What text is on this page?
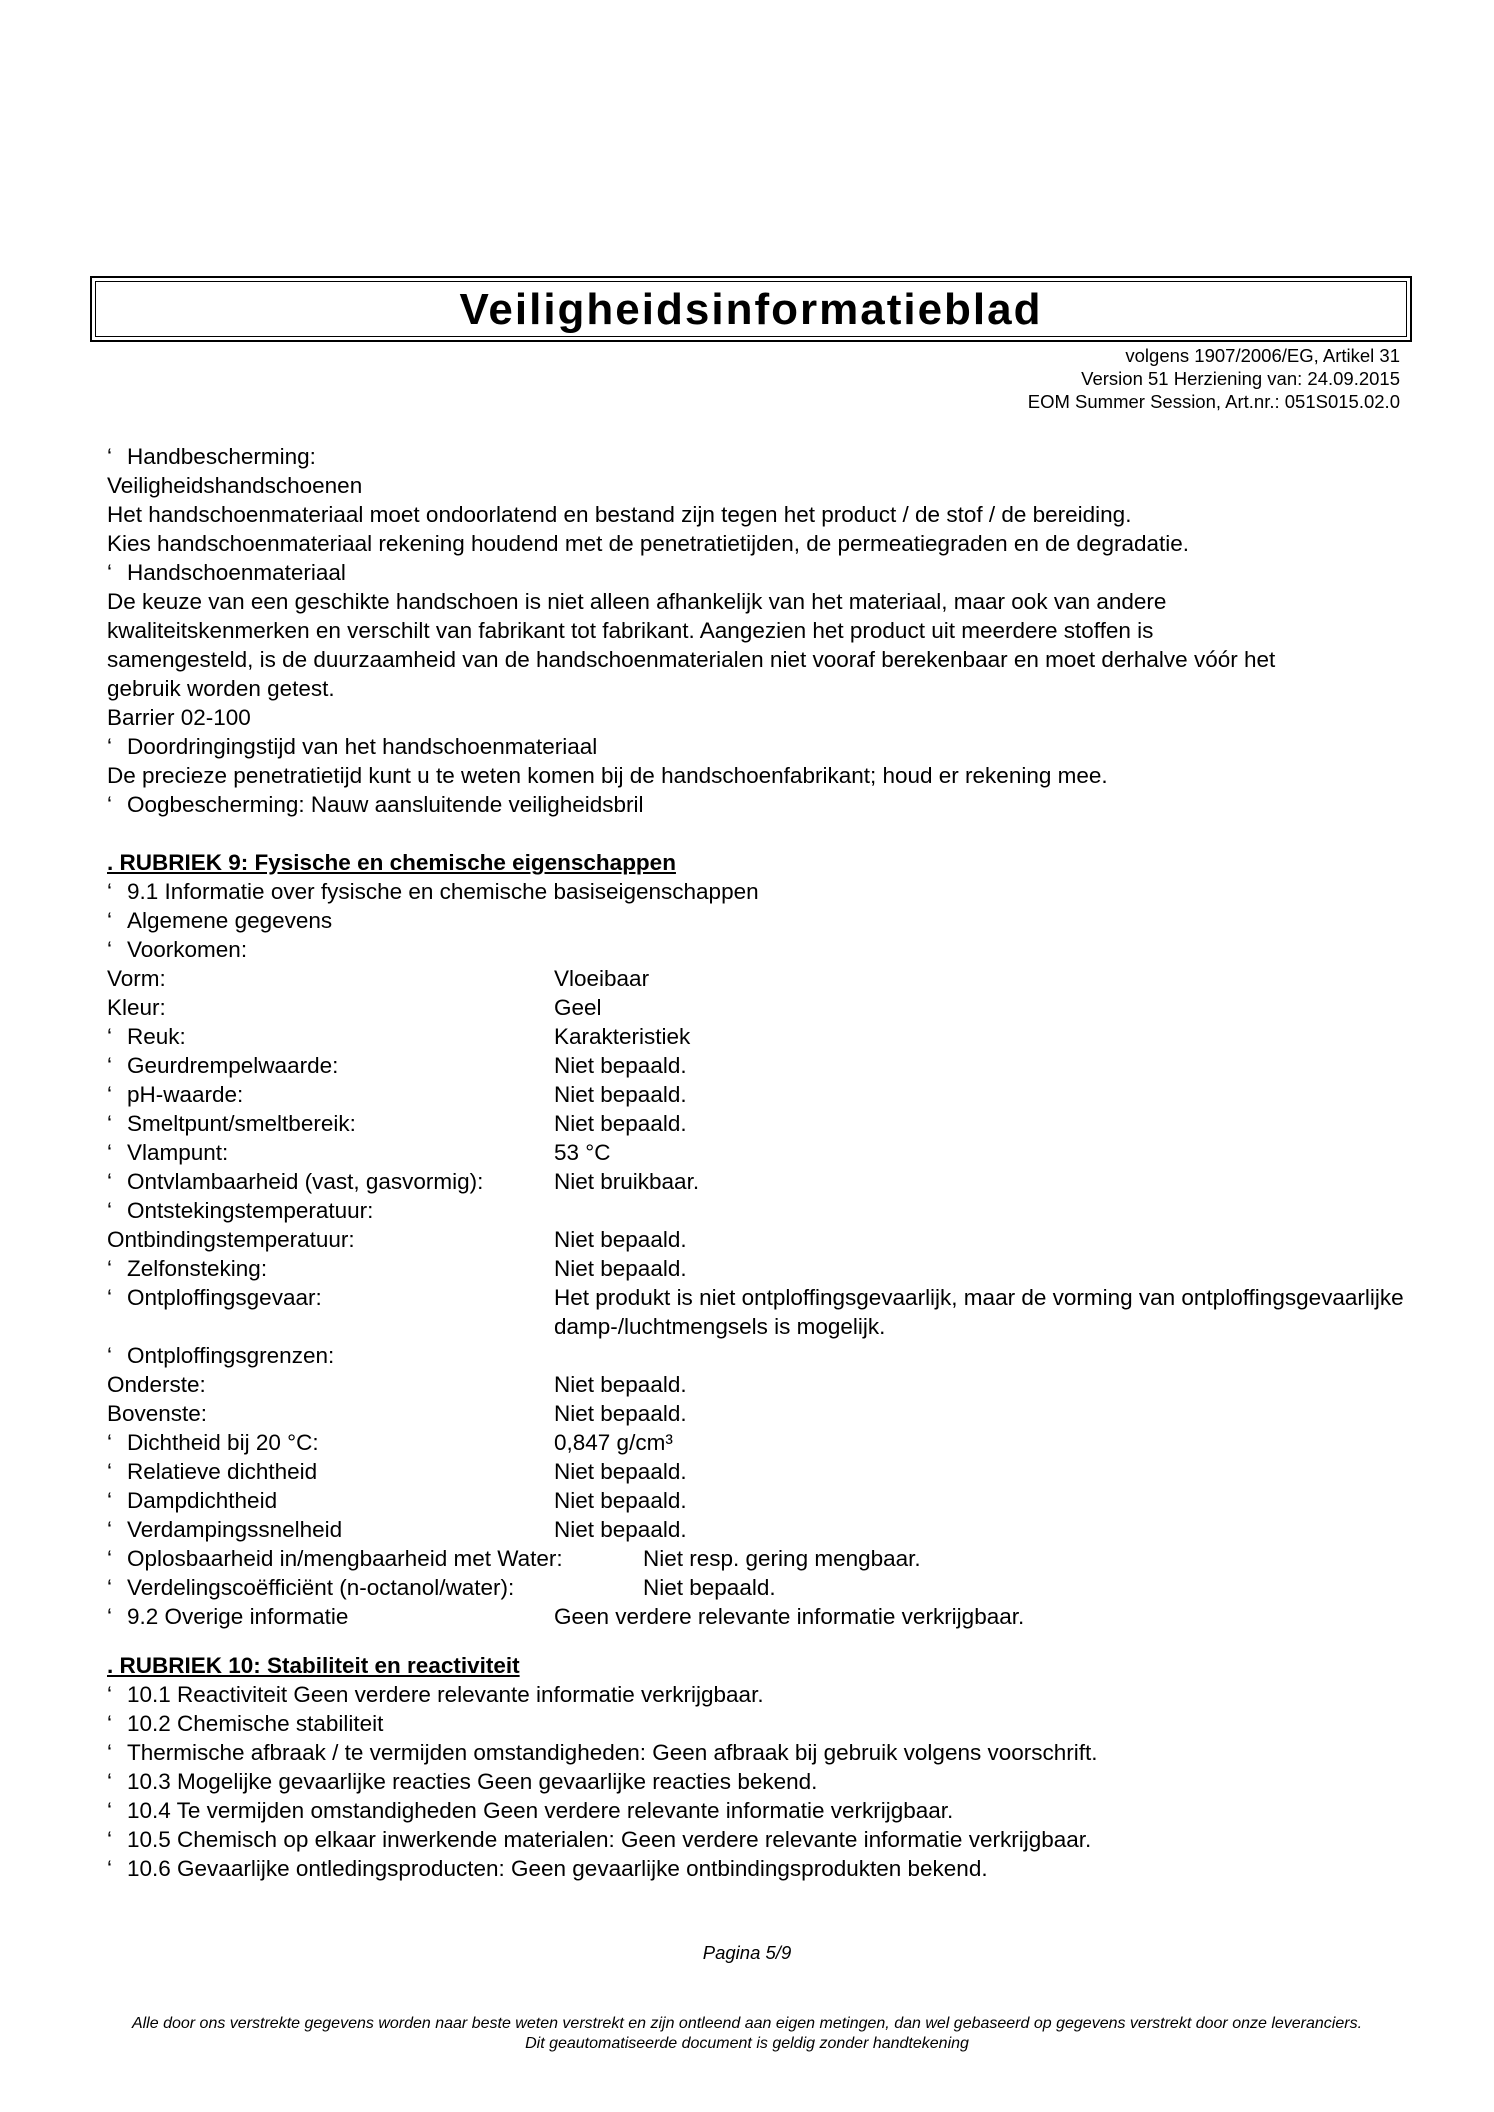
Veiligheidsinformatieblad
volgens 1907/2006/EG, Artikel 31
Version 51 Herziening van: 24.09.2015
EOM Summer Session, Art.nr.: 051S015.02.0
‘ Handbescherming:
Veiligheidshandschoenen
Het handschoenmateriaal moet ondoorlatend en bestand zijn tegen het product / de stof / de bereiding.
Kies handschoenmateriaal rekening houdend met de penetratietijden, de permeatiegraden en de degradatie.
‘ Handschoenmateriaal
De keuze van een geschikte handschoen is niet alleen afhankelijk van het materiaal, maar ook van andere kwaliteitskenmerken en verschilt van fabrikant tot fabrikant. Aangezien het product uit meerdere stoffen is samengesteld, is de duurzaamheid van de handschoenmaterialen niet vooraf berekenbaar en moet derhalve vóór het gebruik worden getest.
Barrier 02-100
‘ Doordringingstijd van het handschoenmateriaal
De precieze penetratietijd kunt u te weten komen bij de handschoenfabrikant; houd er rekening mee.
‘ Oogbescherming: Nauw aansluitende veiligheidsbril
. RUBRIEK 9: Fysische en chemische eigenschappen
‘ 9.1 Informatie over fysische en chemische basiseigenschappen
‘ Algemene gegevens
‘ Voorkomen:
Vorm:	Vloeibaar
Kleur:	Geel
‘ Reuk:	Karakteristiek
‘ Geurdrempelwaarde:	Niet bepaald.
‘ pH-waarde:	Niet bepaald.
‘ Smeltpunt/smeltbereik:	Niet bepaald.
‘ Vlampunt:	53 °C
‘ Ontvlambaarheid (vast, gasvormig):	Niet bruikbaar.
‘ Ontstekingstemperatuur:
Ontbindingstemperatuur:	Niet bepaald.
‘ Zelfonsteking:	Niet bepaald.
‘ Ontploffingsgevaar:	Het produkt is niet ontploffingsgevaarlijk, maar de vorming van ontploffingsgevaarlijke damp-/luchtmengsels is mogelijk.
‘ Ontploffingsgrenzen:
Onderste:	Niet bepaald.
Bovenste:	Niet bepaald.
‘ Dichtheid bij 20 °C:	0,847 g/cm³
‘ Relatieve dichtheid	Niet bepaald.
‘ Dampdichtheid	Niet bepaald.
‘ Verdampingssnelheid	Niet bepaald.
‘ Oplosbaarheid in/mengbaarheid met Water:	Niet resp. gering mengbaar.
‘ Verdelingscoëfficiënt (n-octanol/water):	Niet bepaald.
‘ 9.2 Overige informatie	Geen verdere relevante informatie verkrijgbaar.
. RUBRIEK 10: Stabiliteit en reactiviteit
‘ 10.1 Reactiviteit Geen verdere relevante informatie verkrijgbaar.
‘ 10.2 Chemische stabiliteit
‘ Thermische afbraak / te vermijden omstandigheden: Geen afbraak bij gebruik volgens voorschrift.
‘ 10.3 Mogelijke gevaarlijke reacties Geen gevaarlijke reacties bekend.
‘ 10.4 Te vermijden omstandigheden Geen verdere relevante informatie verkrijgbaar.
‘ 10.5 Chemisch op elkaar inwerkende materialen: Geen verdere relevante informatie verkrijgbaar.
‘ 10.6 Gevaarlijke ontledingsproducten: Geen gevaarlijke ontbindingsprodukten bekend.
Pagina 5/9
Alle door ons verstrekte gegevens worden naar beste weten verstrekt en zijn ontleend aan eigen metingen, dan wel gebaseerd op gegevens verstrekt door onze leveranciers.
Dit geautomatiseerde document is geldig zonder handtekening
